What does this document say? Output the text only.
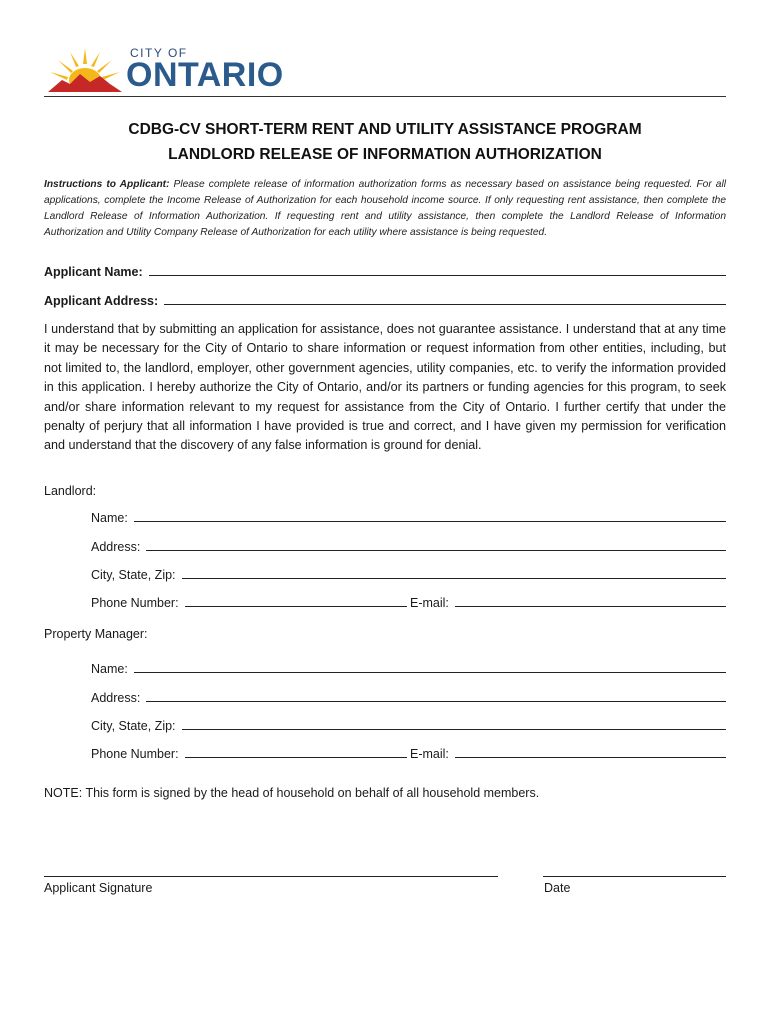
CITY OF
ONTARIO
CDBG-CV SHORT-TERM RENT AND UTILITY ASSISTANCE PROGRAM
LANDLORD RELEASE OF INFORMATION AUTHORIZATION
Instructions to Applicant: Please complete release of information authorization forms as necessary based on assistance being requested. For all applications, complete the Income Release of Authorization for each household income source. If only requesting rent assistance, then complete the Landlord Release of Information Authorization. If requesting rent and utility assistance, then complete the Landlord Release of Information Authorization and Utility Company Release of Authorization for each utility where assistance is being requested.
Applicant Name:
Applicant Address:
I understand that by submitting an application for assistance, does not guarantee assistance. I understand that at any time it may be necessary for the City of Ontario to share information or request information from other entities, including, but not limited to, the landlord, employer, other government agencies, utility companies, etc. to verify the information provided in this application. I hereby authorize the City of Ontario, and/or its partners or funding agencies for this program, to seek and/or share information relevant to my request for assistance from the City of Ontario. I further certify that under the penalty of perjury that all information I have provided is true and correct, and I have given my permission for verification and understand that the discovery of any false information is ground for denial.
Landlord:
Name:
Address:
City, State, Zip:
Phone Number:	E-mail:
Property Manager:
Name:
Address:
City, State, Zip:
Phone Number:	E-mail:
NOTE: This form is signed by the head of household on behalf of all household members.
Applicant Signature	Date
